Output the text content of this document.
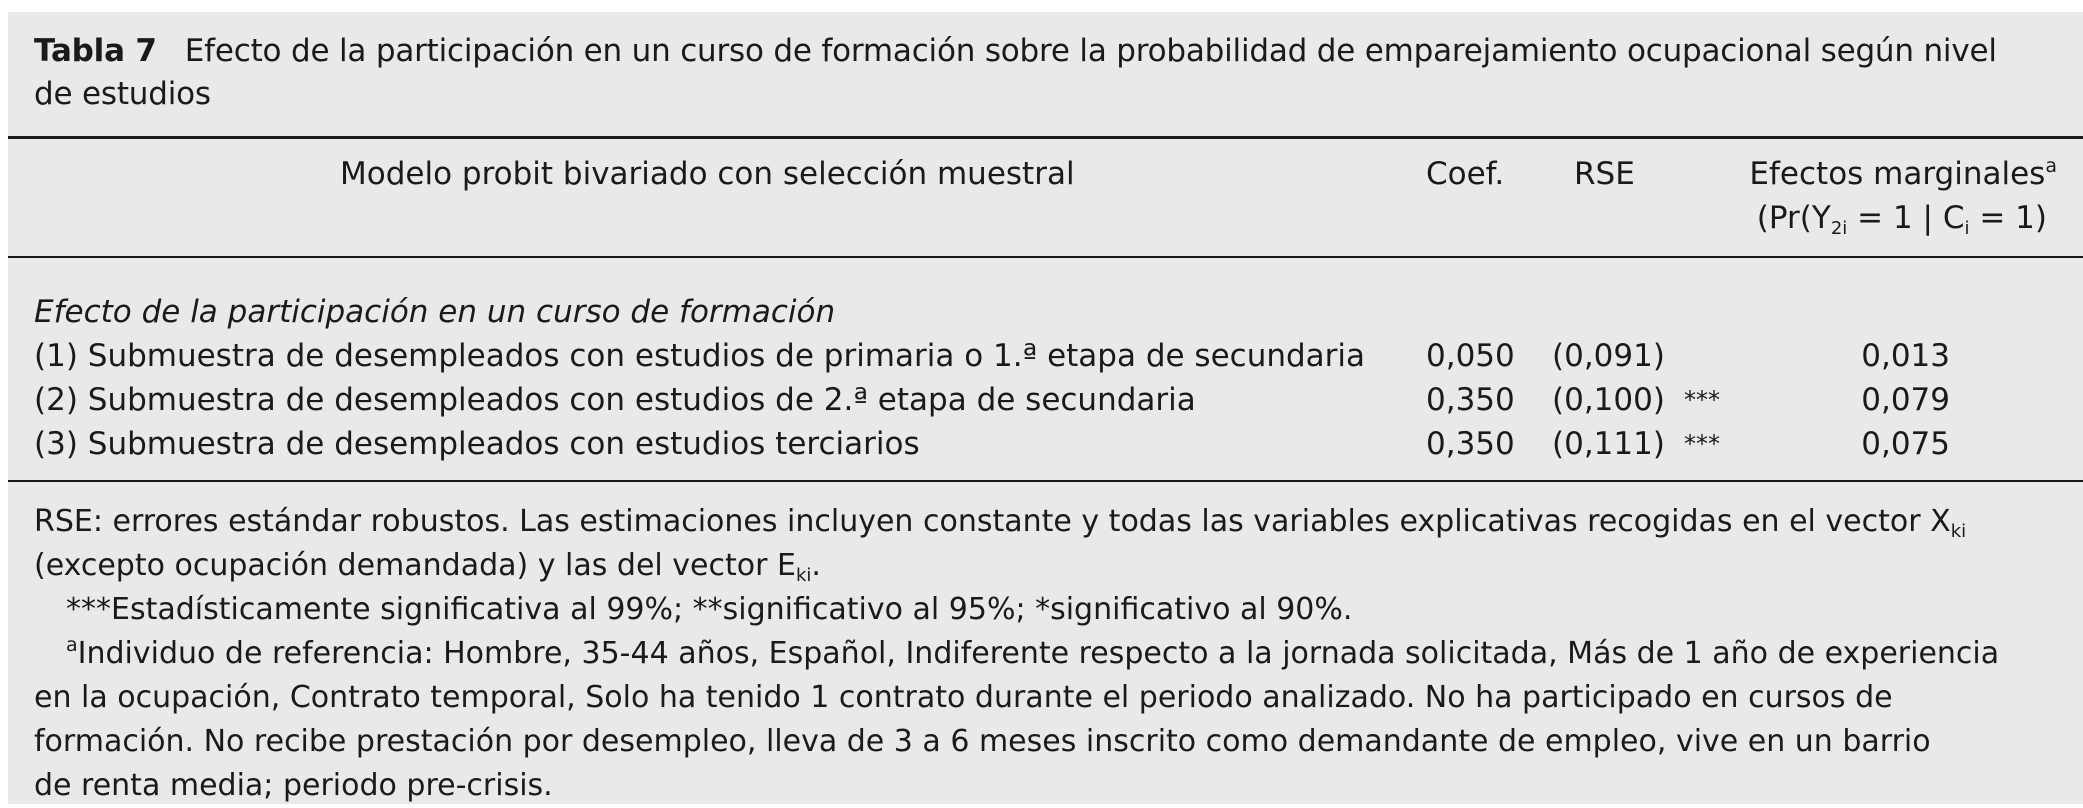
Tabla 7 Efecto de la participación en un curso de formación sobre la probabilidad de emparejamiento ocupacional según nivel de estudios
Modelo probit bivariado con selección muestral	Coef. RSE	Efectos marginales$^a$
($Pr(Y_{2i} = 1$ | $C_i = 1$)
Efecto de la participación en un curso de formación
(1) Submuestra de desempleados con estudios de primaria o 1.ª etapa de secundaria 0,050 (0,091)	0,013
(2) Submuestra de desempleados con estudios de 2.ª etapa de secundaria	0,350 (0,100) ***	0,079
(3) Submuestra de desempleados con estudios terciarios	0,350 (0,111) ***	0,075
RSE: errores estándar robustos. Las estimaciones incluyen constante y todas las variables explicativas recogidas en el vector $X_{ki}$
(excepto ocupación demandada) y las del vector $E_{ki}$.
***Estadísticamente significativa al 99%; **significativo al 95%; *significativo al 90%.
$^a$Individuo de referencia: Hombre, 35-44 años, Español, Indiferente respecto a la jornada solicitada, Más de 1 año de experiencia
en la ocupación, Contrato temporal, Solo ha tenido 1 contrato durante el periodo analizado. No ha participado en cursos de
formación. No recibe prestación por desempleo, lleva de 3 a 6 meses inscrito como demandante de empleo, vive en un barrio
de renta media; periodo pre-crisis.
